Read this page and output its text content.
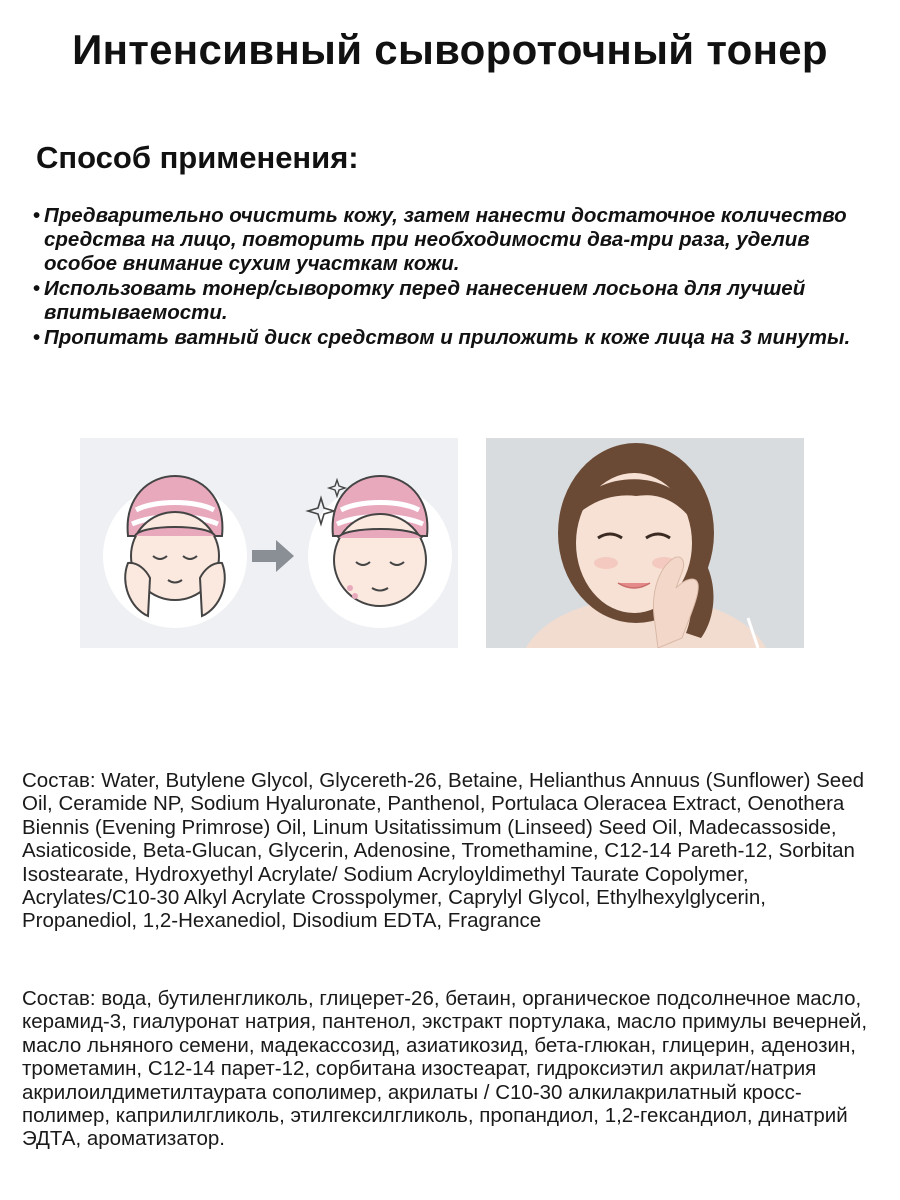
Интенсивный сывороточный тонер
Способ применения:
• Предварительно очистить кожу, затем нанести достаточное количество средства на лицо, повторить при необходимости два-три раза, уделив особое внимание сухим участкам кожи.
• Использовать тонер/сыворотку перед нанесением лосьона для лучшей впитываемости.
• Пропитать ватный диск средством и приложить к коже лица на 3 минуты.

Состав: Water, Butylene Glycol, Glycereth-26, Betaine, Helianthus Annuus (Sunflower) Seed Oil, Ceramide NP, Sodium Hyaluronate, Panthenol, Portulaca Oleracea Extract, Oenothera Biennis (Evening Primrose) Oil, Linum Usitatissimum (Linseed) Seed Oil, Madecassoside, Asiaticoside, Beta-Glucan, Glycerin, Adenosine, Tromethamine, C12-14 Pareth-12, Sorbitan Isostearate, Hydroxyethyl Acrylate/ Sodium Acryloyldimethyl Taurate Copolymer, Acrylates/C10-30 Alkyl Acrylate Crosspolymer, Caprylyl Glycol, Ethylhexylglycerin, Propanediol, 1,2-Hexanediol, Disodium EDTA, Fragrance

Состав: вода, бутиленгликоль, глицерет-26, бетаин, органическое подсолнечное масло, керамид-3, гиалуронат натрия, пантенол, экстракт портулака, масло примулы вечерней, масло льняного семени, мадекассозид, азиатикозид, бета-глюкан, глицерин, аденозин, трометамин, C12-14 парет-12, сорбитана изостеарат, гидроксиэтил акрилат/натрия акрилоилдиметилтаурата сополимер, акрилаты / C10-30 алкилакрилатный кросс-полимер, каприлилгликоль, этилгексилгликоль, пропандиол, 1,2-гександиол, динатрий ЭДТА, ароматизатор.
